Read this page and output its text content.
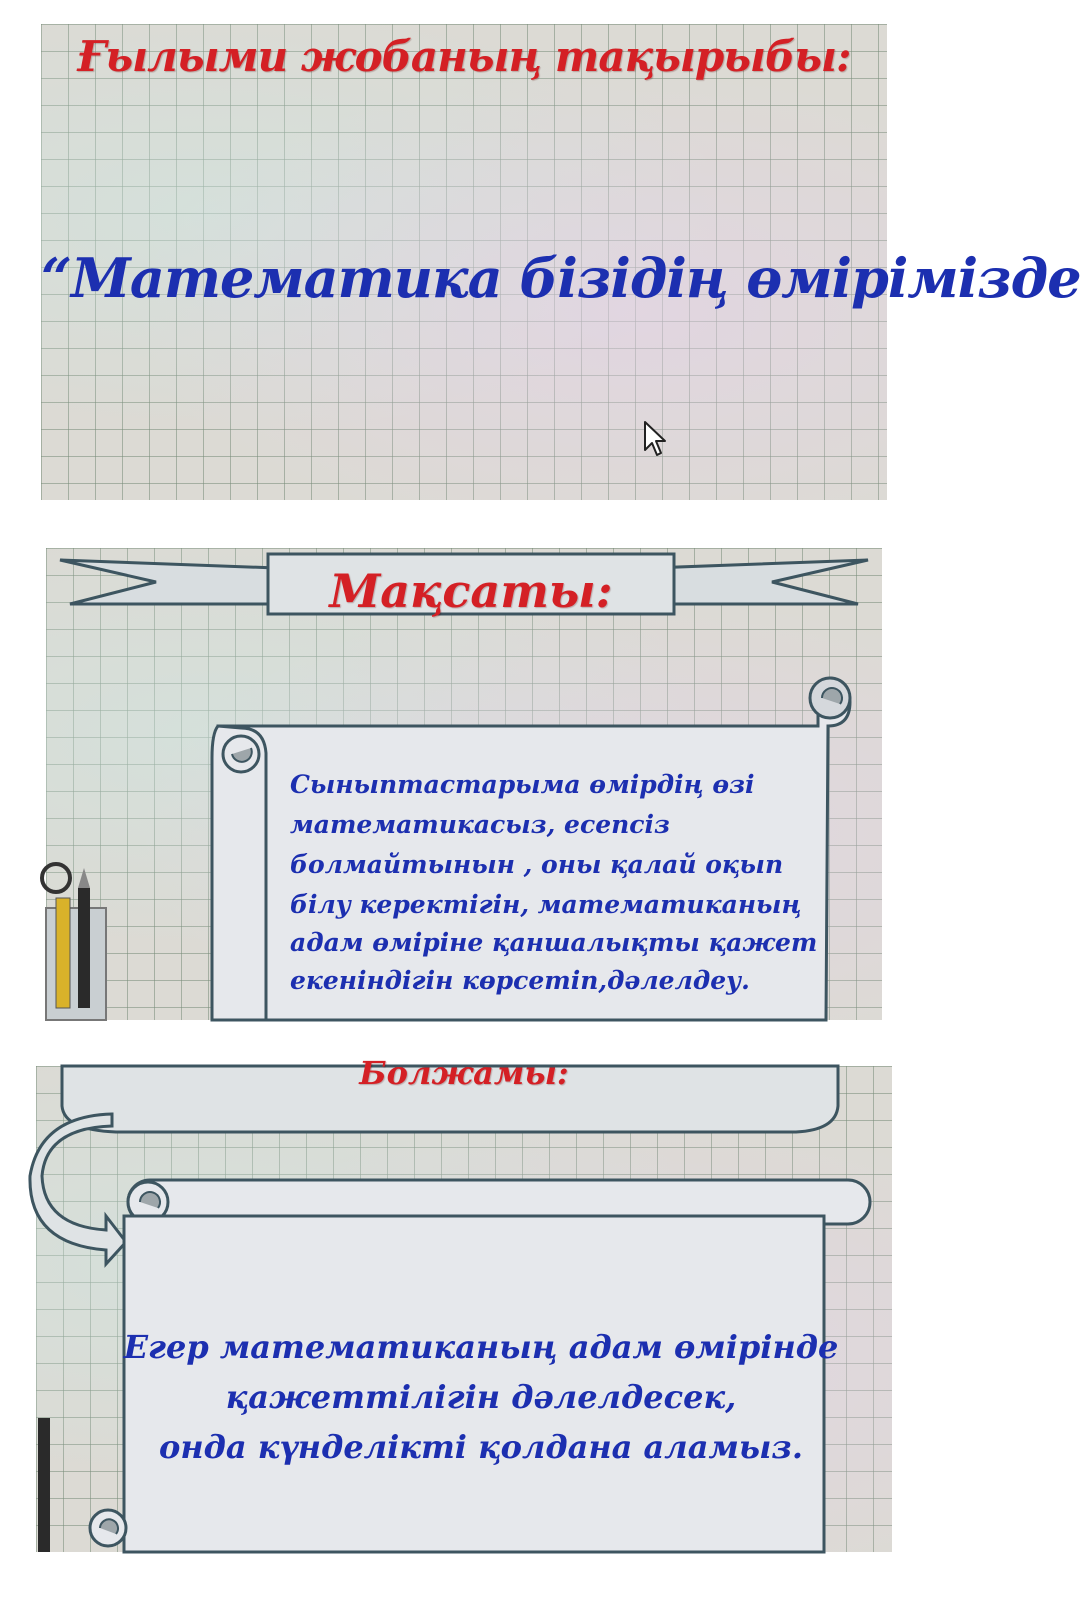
Ғылыми жобаның тақырыбы:
“Математика бізідің өмірімізде
Мақсаты:
Сыныптастарыма өмірдің өзі
математикасыз, есепсіз
болмайтынын , оны қалай оқып
білу керектігін, математиканың
адам өміріне қаншалықты қажет
екеніндігін көрсетіп,дәлелдеу.
Болжамы:
Егер математиканың адам өмірінде
қажеттілігін дәлелдесек,
онда күнделікті қолдана аламыз.
